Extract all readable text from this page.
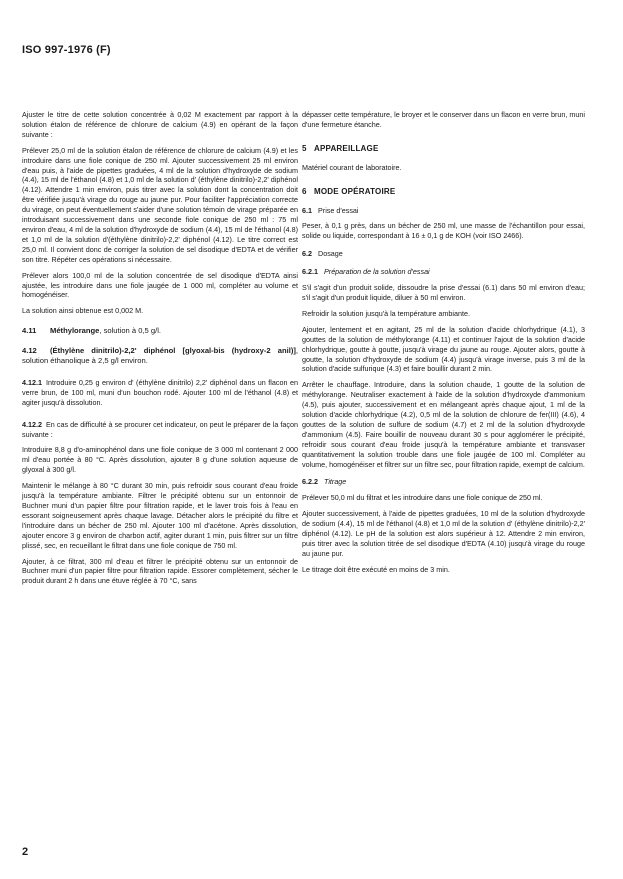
ISO 997-1976 (F)

Ajuster le titre de cette solution concentrée à 0,02 M exactement par rapport à la solution étalon de référence de chlorure de calcium (4.9) en opérant de la façon suivante :

Prélever 25,0 ml de la solution étalon de référence de chlorure de calcium (4.9) et les introduire dans une fiole conique de 250 ml. Ajouter successivement 25 ml environ d'eau puis, à l'aide de pipettes graduées, 4 ml de la solution d'hydroxyde de sodium (4.4), 15 ml de l'éthanol (4.8) et 1,0 ml de la solution d' (éthylène dinitrilo)-2,2' diphénol (4.12). Attendre 1 min environ, puis titrer avec la solution dont la concentration doit être vérifiée jusqu'à virage du rouge au jaune pur. Pour faciliter l'appréciation correcte du virage, on peut éventuellement s'aider d'une solution témoin de virage préparée en introduisant successivement dans une seconde fiole conique de 250 ml : 75 ml environ d'eau, 4 ml de la solution d'hydroxyde de sodium (4.4), 15 ml de l'éthanol (4.8) et 1,0 ml de la solution d'(éthylène dinitrilo)-2,2' diphénol (4.12). Le titre correct est 25,0 ml. Il convient donc de corriger la solution de sel disodique d'EDTA et de vérifier son titre. Répéter ces opérations si nécessaire.

Prélever alors 100,0 ml de la solution concentrée de sel disodique d'EDTA ainsi ajustée, les introduire dans une fiole jaugée de 1 000 ml, compléter au volume et homogénéiser.

La solution ainsi obtenue est 0,002 M.

4.11 Méthylorange, solution à 0,5 g/l.
4.12 (Éthylène dinitrilo)-2,2' diphénol [glyoxal-bis (hydroxy-2 anil)], solution éthanolique à 2,5 g/l environ.

4.12.1 Introduire 0,25 g environ d' (éthylène dinitrilo) 2,2' diphénol dans un flacon en verre brun, de 100 ml, muni d'un bouchon rodé. Ajouter 100 ml de l'éthanol (4.8) et agiter jusqu'à dissolution.

4.12.2 En cas de difficulté à se procurer cet indicateur, on peut le préparer de la façon suivante :

Introduire 8,8 g d'o-aminophénol dans une fiole conique de 3 000 ml contenant 2 000 ml d'eau portée à 80 °C. Après dissolution, ajouter 8 g d'une solution aqueuse de glyoxal à 300 g/l.

Maintenir le mélange à 80 °C durant 30 min, puis refroidir sous courant d'eau froide jusqu'à la température ambiante. Filtrer le précipité obtenu sur un entonnoir de Buchner muni d'un papier filtre pour filtration rapide, et le laver trois fois à l'eau en essorant soigneusement après chaque lavage. Détacher alors le précipité du filtre et l'introduire dans un bécher de 250 ml. Ajouter 100 ml d'acétone. Après dissolution, ajouter encore 3 g environ de charbon actif, agiter durant 1 min, puis filtrer sur un filtre plissé, sec, en recueillant le filtrat dans une fiole conique de 750 ml.

Ajouter, à ce filtrat, 300 ml d'eau et filtrer le précipité obtenu sur un entonnoir de Buchner muni d'un papier filtre pour filtration rapide. Essorer complètement, sécher le produit durant 2 h dans une étuve réglée à 70 °C, sans

dépasser cette température, le broyer et le conserver dans un flacon en verre brun, muni d'une fermeture étanche.

5 APPAREILLAGE

Matériel courant de laboratoire.

6 MODE OPÉRATOIRE
6.1 Prise d'essai

Peser, à 0,1 g près, dans un bécher de 250 ml, une masse de l'échantillon pour essai, solide ou liquide, correspondant à 16 ± 0,1 g de KOH (voir ISO 2466).

6.2 Dosage
6.2.1 Préparation de la solution d'essai

S'il s'agit d'un produit solide, dissoudre la prise d'essai (6.1) dans 50 ml environ d'eau; s'il s'agit d'un produit liquide, diluer à 50 ml environ.

Refroidir la solution jusqu'à la température ambiante.

Ajouter, lentement et en agitant, 25 ml de la solution d'acide chlorhydrique (4.1), 3 gouttes de la solution de méthylorange (4.11) et continuer l'ajout de la solution d'acide chlorhydrique, goutte à goutte, jusqu'à virage du jaune au rouge. Ajouter alors, goutte à goutte, la solution d'hydroxyde de sodium (4.4) jusqu'à virage inverse, puis 3 ml de la solution d'acide sulfurique (4.3) et faire bouillir durant 2 min.

Arrêter le chauffage. Introduire, dans la solution chaude, 1 goutte de la solution de méthylorange. Neutraliser exactement à l'aide de la solution d'hydroxyde d'ammonium (4.5), puis ajouter, successivement et en mélangeant après chaque ajout, 1 ml de la solution d'acide chlorhydrique (4.2), 0,5 ml de la solution de chlorure de fer(III) (4.6), 4 gouttes de la solution de sulfure de sodium (4.7) et 2 ml de la solution d'hydroxyde d'ammonium (4.5). Faire bouillir de nouveau durant 30 s pour agglomérer le précipité, refroidir sous courant d'eau froide jusqu'à la température ambiante et transvaser quantitativement la solution trouble dans une fiole jaugée de 100 ml. Compléter au volume, homogénéiser et filtrer sur un filtre sec, pour filtration rapide, exempt de calcium.

6.2.2 Titrage

Prélever 50,0 ml du filtrat et les introduire dans une fiole conique de 250 ml.

Ajouter successivement, à l'aide de pipettes graduées, 10 ml de la solution d'hydroxyde de sodium (4.4), 15 ml de l'éthanol (4.8) et 1,0 ml de la solution d' (éthylène dinitrilo)-2,2' diphénol (4.12). Le pH de la solution est alors supérieur à 12. Attendre 2 min environ, puis titrer avec la solution titrée de sel disodique d'EDTA (4.10) jusqu'à virage du rouge au jaune pur.

Le titrage doit être exécuté en moins de 3 min.

2
